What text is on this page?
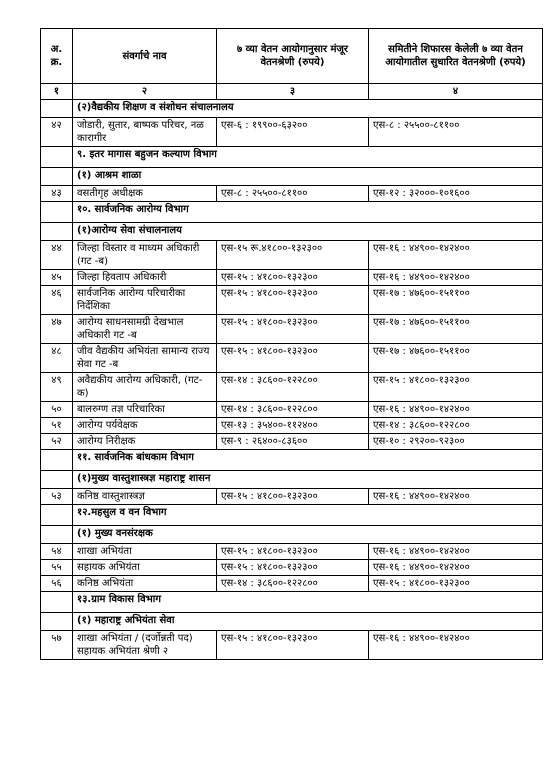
अ. क्र.	संवर्गाचे नाव	७ व्या वेतन आयोगानुसार मंजूर वेतनश्रेणी (रुपये)	समितीने शिफारस केलेली ७ व्या वेतन आयोगातील सुधारित वेतनश्रेणी (रुपये)
१	२	३	४
	(२)वैद्यकीय शिक्षण व संशोधन संचालनालय		
४२	जोडारी, सुतार, बाष्पक परिचर, नळ कारागीर	एस-६ : १९९००-६३२००	एस-८ : २५५००-८११००
	९. इतर मागास बहुजन कल्याण विभाग		
	(१) आश्रम शाळा		
४३	वसतीगृह अधीक्षक	एस-८ : २५५००-८११००	एस-१२ : ३२०००-१०१६००
	१०. सार्वजनिक आरोग्य विभाग		
	(१)आरोग्य सेवा संचालनालय		
४४	जिल्हा विस्तार व माध्यम अधिकारी (गट -ब)	एस-१५ रू.४१८००-१३२३००	एस-१६ : ४४९००-१४२४००
४५	जिल्हा हिवताप अधिकारी	एस-१५ : ४१८००-१३२३००	एस-१६ : ४४९००-१४२४००
४६	सार्वजनिक आरोग्य परिचारीका निर्देशिका	एस-१५ : ४१८००-१३२३००	एस-१७ : ४७६००-१५११००
४७	आरोग्य साधनसामग्री देखभाल अधिकारी गट -ब	एस-१५ : ४१८००-१३२३००	एस-१७ : ४७६००-१५११००
४८	जीव वैद्यकीय अभियंता सामान्य राज्य सेवा गट -ब	एस-१५ : ४१८००-१३२३००	एस-१७ : ४७६००-१५११००
४९	अवैद्यकीय आरोग्य अधिकारी, (गट-क)	एस-१४ : ३८६००-१२२८००	एस-१५ : ४१८००-१३२३००
५०	बालरुग्ण तज्ञ परिचारिका	एस-१४ : ३८६००-१२२८००	एस-१६ : ४४९००-१४२४००
५१	आरोग्य पर्यवेक्षक	एस-१३ : ३५४००-११२४००	एस-१४ : ३८६००-१२२८००
५२	आरोग्य निरीक्षक	एस-९ : २६४००-८३६००	एस-१० : २९२००-९२३००
	११. सार्वजनिक बांधकाम विभाग		
	(१)मुख्य वास्तुशास्त्रज्ञ महाराष्ट्र शासन		
५३	कनिष्ठ वास्तुशास्त्रज्ञ	एस-१५ : ४१८००-१३२३००	एस-१६ : ४४९००-१४२४००
	१२.महसुल व वन विभाग		
	(१) मुख्य वनसंरक्षक		
५४	शाखा अभियंता	एस-१५ : ४१८००-१३२३००	एस-१६ : ४४९००-१४२४००
५५	सहायक अभियंता	एस-१५ : ४१८००-१३२३००	एस-१६ : ४४९००-१४२४००
५६	कनिष्ठ अभियंता	एस-१४ : ३८६००-१२२८००	एस-१५ : ४१८००-१३२३००
	१३.ग्राम विकास विभाग		
	(१) महाराष्ट्र अभियंता सेवा		
५७	शाखा अभियंता / (दर्जोन्नती पद) सहायक अभियंता श्रेणी २	एस-१५ : ४१८००-१३२३००	एस-१६ : ४४९००-१४२४००
